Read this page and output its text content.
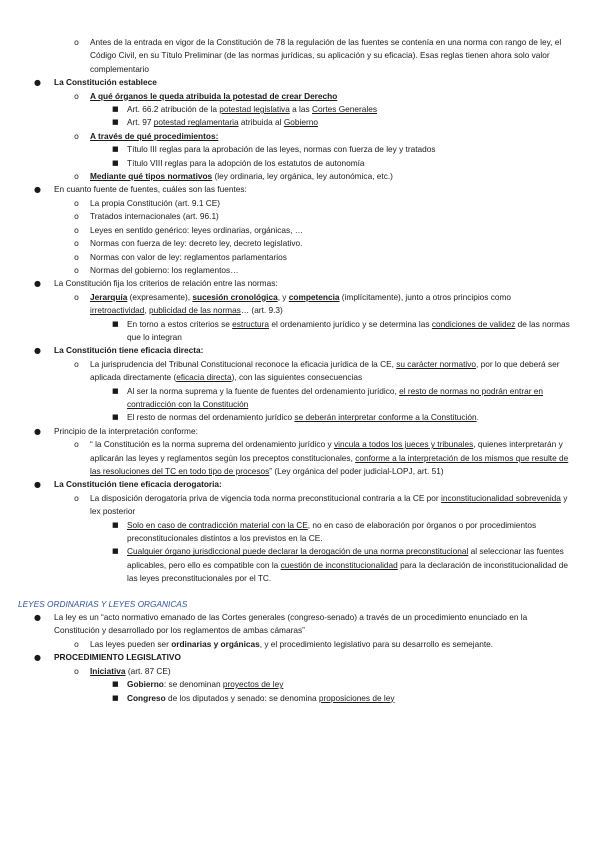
o Antes de la entrada en vigor de la Constitución de 78 la regulación de las fuentes se contenía en una norma con rango de ley, el Código Civil, en su Título Preliminar (de las normas jurídicas, su aplicación y su eficacia). Esas reglas tienen ahora solo valor complementario
● La Constitución establece
o A qué órganos le queda atribuida la potestad de crear Derecho
■ Art. 66.2 atribución de la potestad legislativa a las Cortes Generales
■ Art. 97 potestad reglamentaria atribuida al Gobierno
o A través de qué procedimientos:
■ Título III reglas para la aprobación de las leyes, normas con fuerza de ley y tratados
■ Título VIII reglas para la adopción de los estatutos de autonomía
o Mediante qué tipos normativos (ley ordinaria, ley orgánica, ley autonómica, etc.)
● En cuanto fuente de fuentes, cuáles son las fuentes:
o La propia Constitución (art. 9.1 CE)
o Tratados internacionales (art. 96.1)
o Leyes en sentido genérico: leyes ordinarias, orgánicas, …
o Normas con fuerza de ley: decreto ley, decreto legislativo.
o Normas con valor de ley: reglamentos parlamentarios
o Normas del gobierno: los reglamentos…
● La Constitución fija los criterios de relación entre las normas:
o Jerarquía (expresamente), sucesión cronológica, y competencia (implícitamente), junto a otros principios como irretroactividad, publicidad de las normas… (art. 9.3)
■ En torno a estos criterios se estructura el ordenamiento jurídico y se determina las condiciones de validez de las normas que lo integran
● La Constitución tiene eficacia directa:
o La jurisprudencia del Tribunal Constitucional reconoce la eficacia jurídica de la CE, su carácter normativo, por lo que deberá ser aplicada directamente (eficacia directa), con las siguientes consecuencias
■ Al ser la norma suprema y la fuente de fuentes del ordenamiento jurídico, el resto de normas no podrán entrar en contradicción con la Constitución
■ El resto de normas del ordenamiento jurídico se deberán interpretar conforme a la Constitución.
● Principio de la interpretación conforme:
o “ la Constitución es la norma suprema del ordenamiento jurídico y vincula a todos los jueces y tribunales, quienes interpretarán y aplicarán las leyes y reglamentos según los preceptos constitucionales, conforme a la interpretación de los mismos que resulte de las resoluciones del TC en todo tipo de procesos” (Ley orgánica del poder judicial-LOPJ, art. 51)
● La Constitución tiene eficacia derogatoria:
o La disposición derogatoria priva de vigencia toda norma preconstitucional contraria a la CE por inconstitucionalidad sobrevenida y lex posterior
■ Solo en caso de contradicción material con la CE, no en caso de elaboración por órganos o por procedimientos preconstitucionales distintos a los previstos en la CE.
■ Cualquier órgano jurisdiccional puede declarar la derogación de una norma preconstitucional al seleccionar las fuentes aplicables, pero ello es compatible con la cuestión de inconstitucionalidad para la declaración de inconstitucionalidad de las leyes preconstitucionales por el TC.
LEYES ORDINARIAS Y LEYES ORGANICAS
● La ley es un “acto normativo emanado de las Cortes generales (congreso-senado) a través de un procedimiento enunciado en la Constitución y desarrollado por los reglamentos de ambas cámaras”
o Las leyes pueden ser ordinarias y orgánicas, y el procedimiento legislativo para su desarrollo es semejante.
● PROCEDIMIENTO LEGISLATIVO
o Iniciativa (art. 87 CE)
■ Gobierno: se denominan proyectos de ley
■ Congreso de los diputados y senado: se denomina proposiciones de ley
